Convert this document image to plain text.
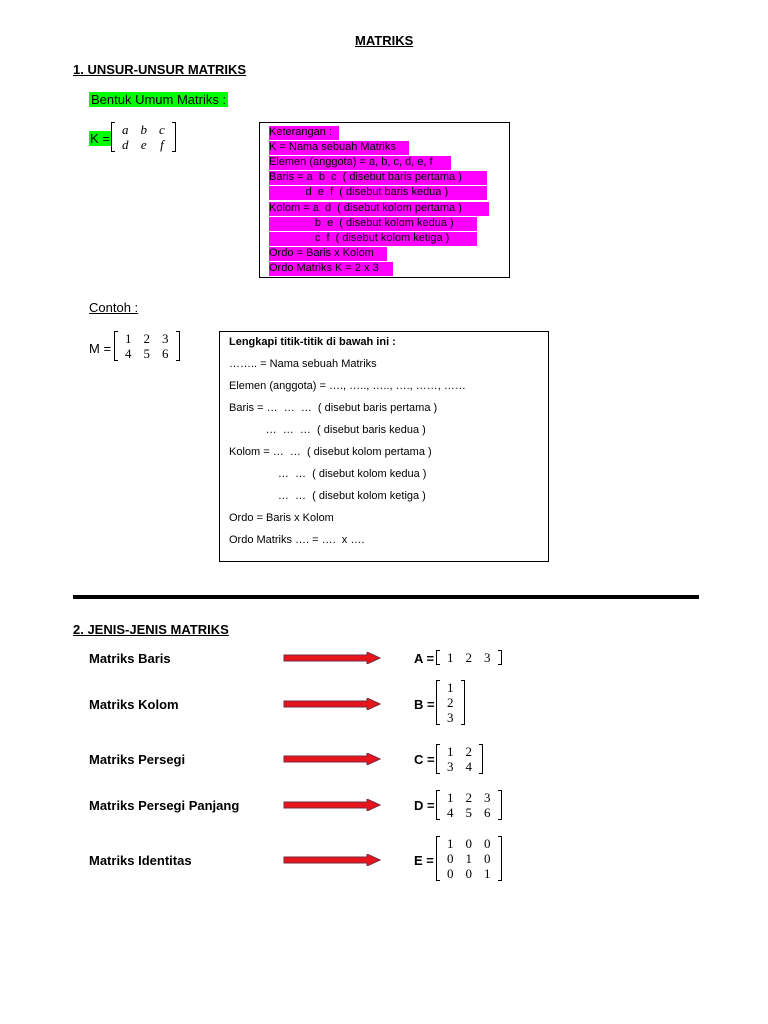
MATRIKS
1. UNSUR-UNSUR MATRIKS
Bentuk Umum Matriks :
K =
a	b	c
d	e	f
Keterangan :
K = Nama sebuah Matriks
Elemen (anggota) = a, b, c, d, e, f
Baris = a  b  c  ( disebut baris pertama )
d  e  f  ( disebut baris kedua )
Kolom = a  d  ( disebut kolom pertama )
b  e  ( disebut kolom kedua )
c  f  ( disebut kolom ketiga )
Ordo = Baris x Kolom
Ordo Matriks K = 2 x 3
Contoh :
M =
1	2	3
4	5	6
Lengkapi titik-titik di bawah ini :
…….. = Nama sebuah Matriks
Elemen (anggota) = …., ….., ….., …., ……, ……
Baris = …  …  …  ( disebut baris pertama )
…  …  …  ( disebut baris kedua )
Kolom = …  …  ( disebut kolom pertama )
…  …  ( disebut kolom kedua )
…  …  ( disebut kolom ketiga )
Ordo = Baris x Kolom
Ordo Matriks …. = ….  x ….
2. JENIS-JENIS MATRIKS
Matriks Baris	A = 1	2	3
Matriks Kolom	B =
1
2
3
Matriks Persegi	C =
1	2
3	4
Matriks Persegi Panjang	D =
1	2	3
4	5	6
Matriks Identitas	E =
1	0	0
0	1	0
0	0	1
